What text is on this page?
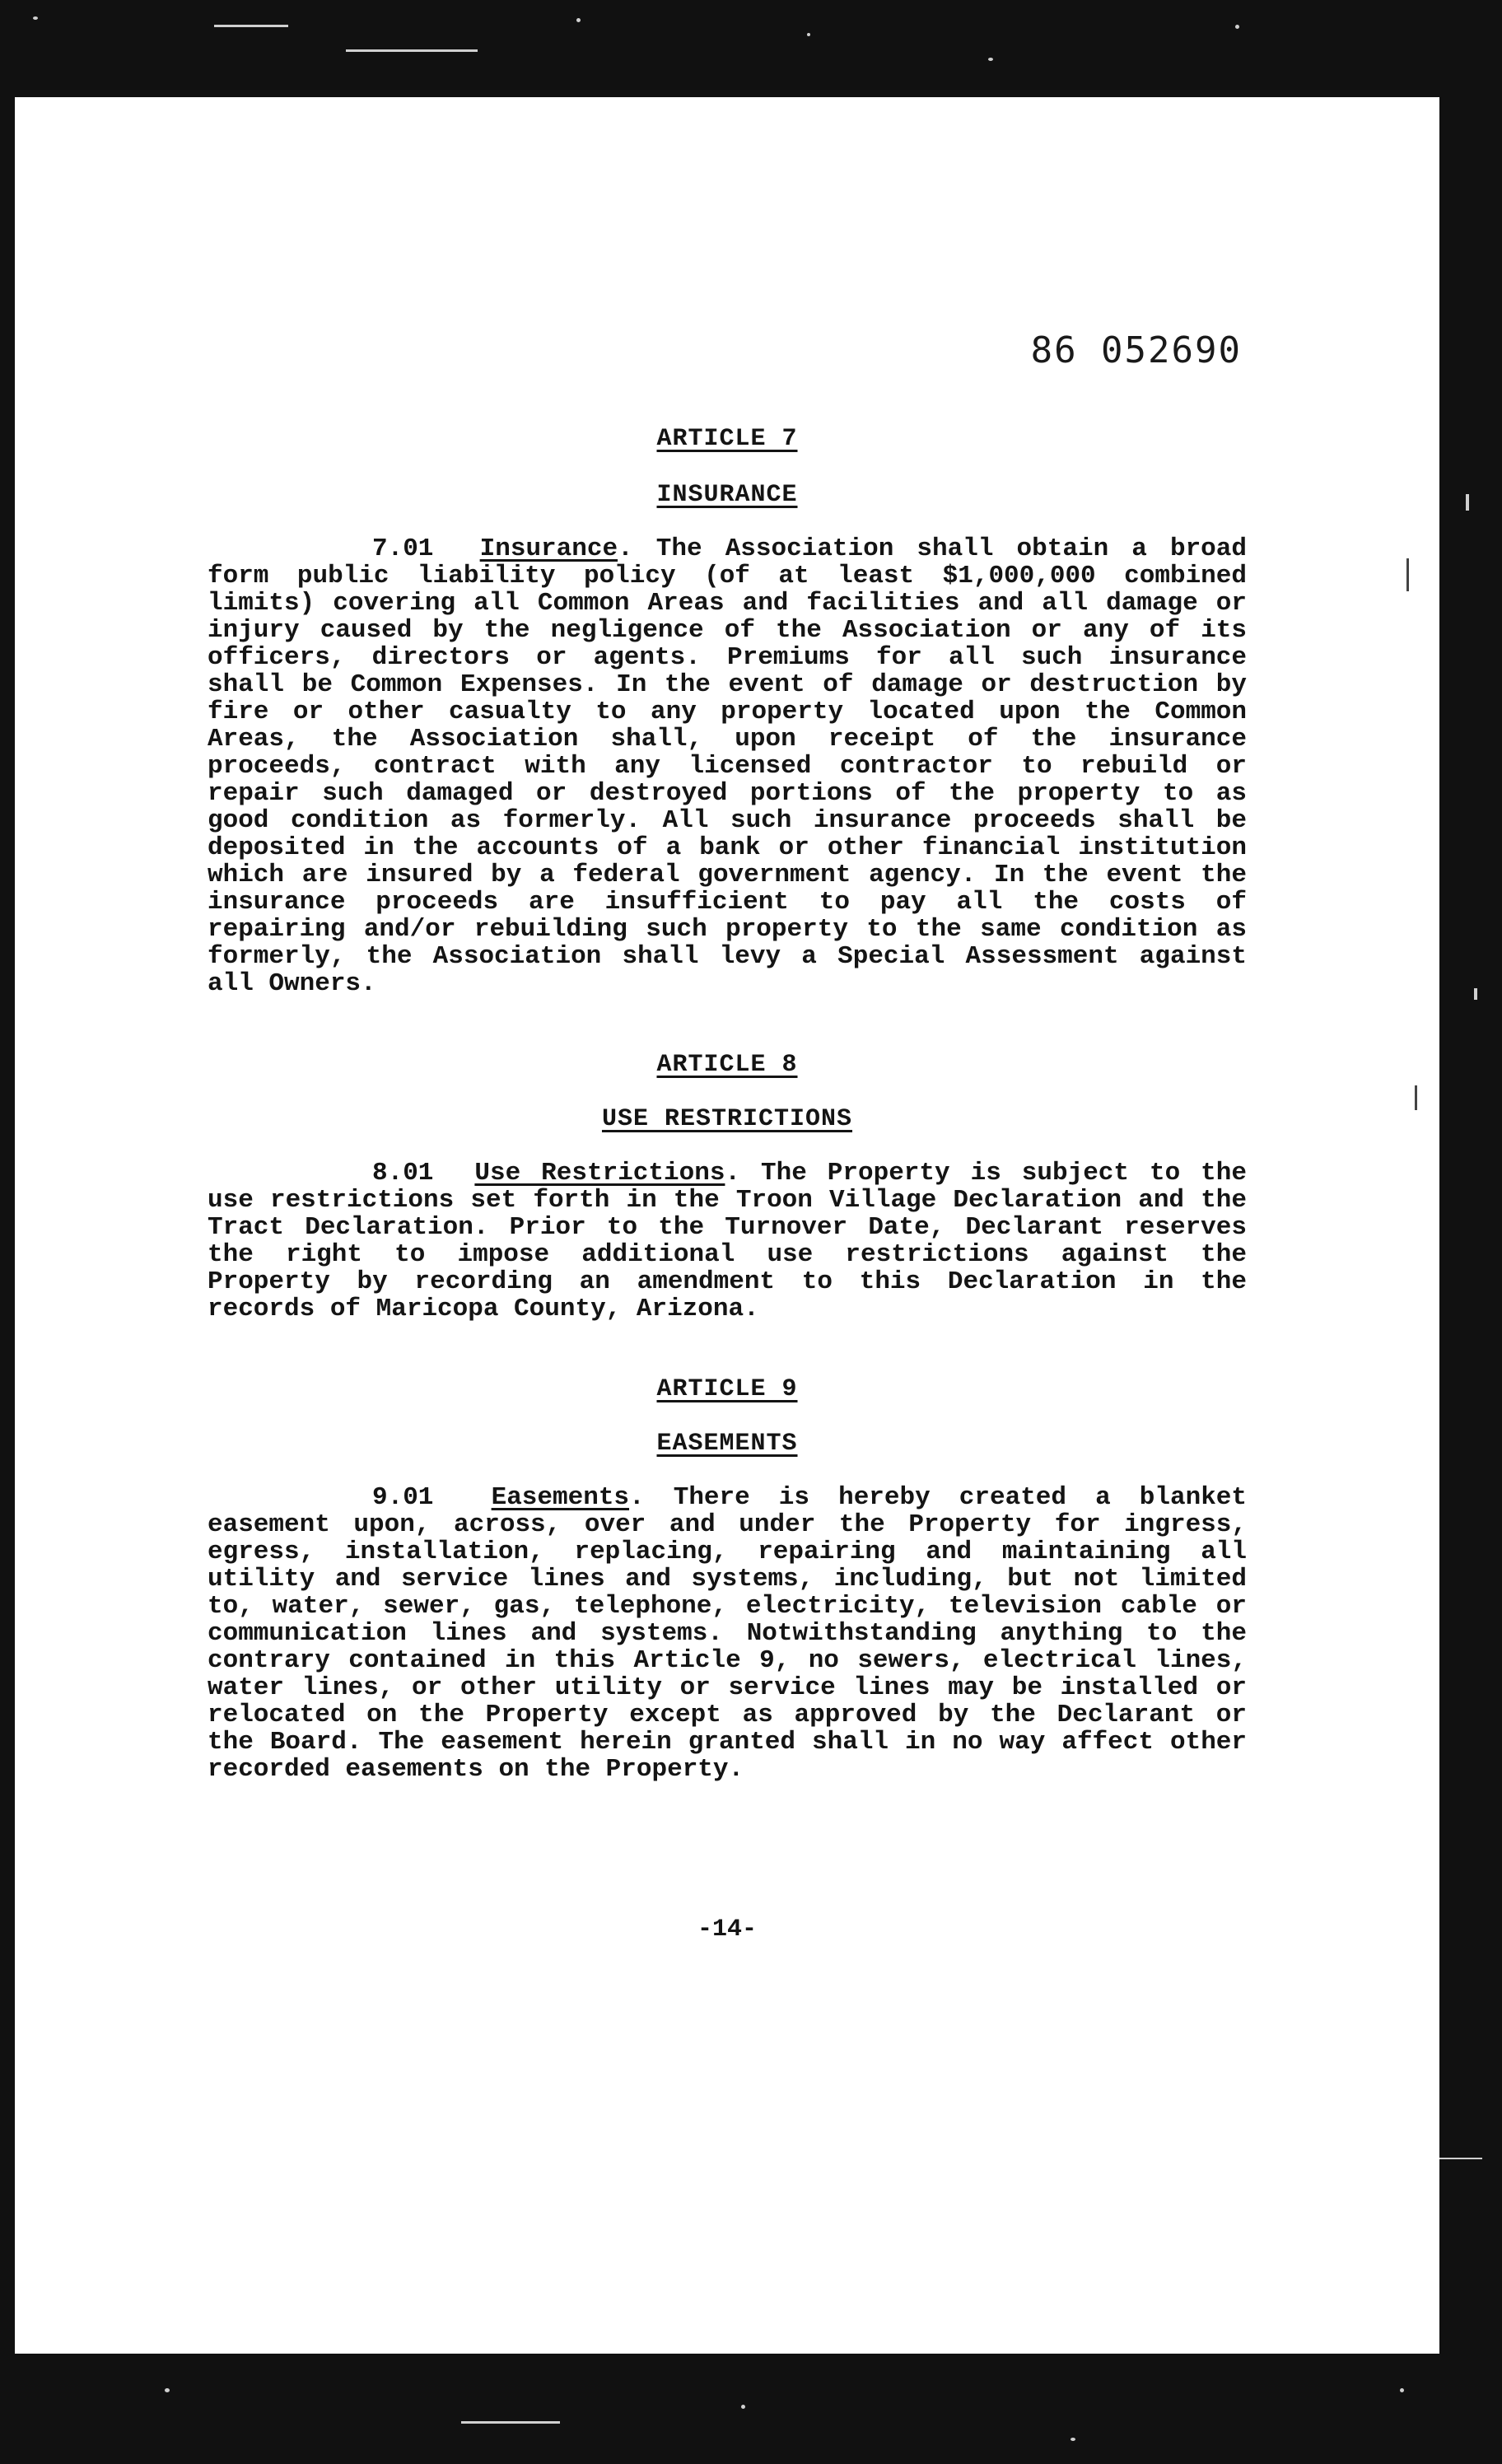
86 052690
ARTICLE 7
INSURANCE

7.01 Insurance. The Association shall obtain a broad form public liability policy (of at least $1,000,000 combined limits) covering all Common Areas and facilities and all damage or injury caused by the negligence of the Association or any of its officers, directors or agents. Premiums for all such insurance shall be Common Expenses. In the event of damage or destruction by fire or other casualty to any property located upon the Common Areas, the Association shall, upon receipt of the insurance proceeds, contract with any licensed contractor to rebuild or repair such damaged or destroyed portions of the property to as good condition as formerly. All such insurance proceeds shall be deposited in the accounts of a bank or other financial institution which are insured by a federal government agency. In the event the insurance proceeds are insufficient to pay all the costs of repairing and/or rebuilding such property to the same condition as formerly, the Association shall levy a Special Assessment against all Owners.

ARTICLE 8
USE RESTRICTIONS

8.01 Use Restrictions. The Property is subject to the use restrictions set forth in the Troon Village Declaration and the Tract Declaration. Prior to the Turnover Date, Declarant reserves the right to impose additional use restrictions against the Property by recording an amendment to this Declaration in the records of Maricopa County, Arizona.

ARTICLE 9
EASEMENTS

9.01 Easements. There is hereby created a blanket easement upon, across, over and under the Property for ingress, egress, installation, replacing, repairing and maintaining all utility and service lines and systems, including, but not limited to, water, sewer, gas, telephone, electricity, television cable or communication lines and systems. Notwithstanding anything to the contrary contained in this Article 9, no sewers, electrical lines, water lines, or other utility or service lines may be installed or relocated on the Property except as approved by the Declarant or the Board. The easement herein granted shall in no way affect other recorded easements on the Property.

-14-
